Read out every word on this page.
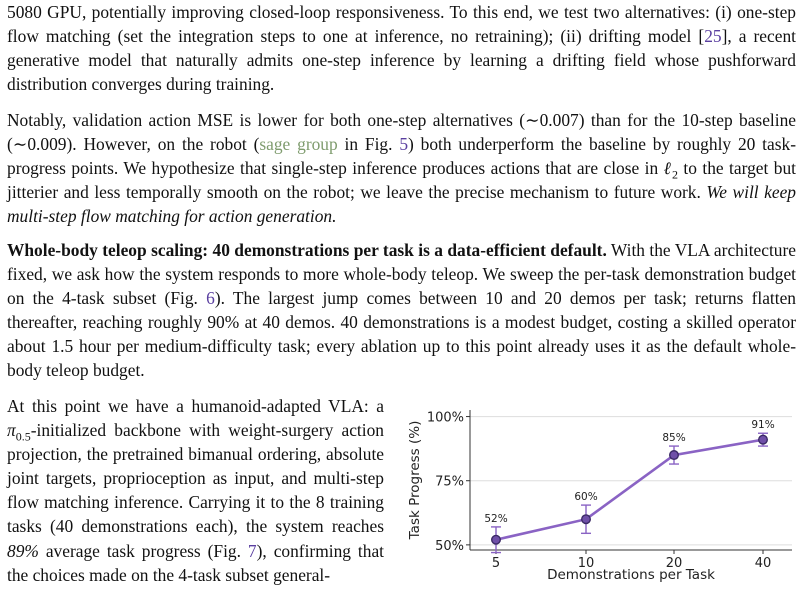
5080 GPU, potentially improving closed-loop responsiveness. To this end, we test two alternatives: (i) one-step flow matching (set the integration steps to one at inference, no retraining); (ii) drifting model [25], a recent generative model that naturally admits one-step inference by learning a drifting field whose pushforward distribution converges during training.

Notably, validation action MSE is lower for both one-step alternatives (∼0.007) than for the 10-step baseline (∼0.009). However, on the robot (sage group in Fig. 5) both underperform the baseline by roughly 20 task-progress points. We hypothesize that single-step inference produces actions that are close in ℓ$_2$ to the target but jitterier and less temporally smooth on the robot; we leave the precise mechanism to future work. We will keep multi-step flow matching for action generation.

Whole-body teleop scaling: 40 demonstrations per task is a data-efficient default. With the VLA architecture fixed, we ask how the system responds to more whole-body teleop. We sweep the per-task demonstration budget on the 4-task subset (Fig. 6). The largest jump comes between 10 and 20 demos per task; returns flatten thereafter, reaching roughly 90% at 40 demos. 40 demonstrations is a modest budget, costing a skilled operator about 1.5 hour per medium-difficulty task; every ablation up to this point already uses it as the default whole-body teleop budget.

At this point we have a humanoid-adapted VLA: a $\pi_{0.5}$-initialized backbone with weight-surgery action projection, the pretrained bimanual ordering, absolute joint targets, proprioception as input, and multi-step flow matching inference. Carrying it to the 8 training tasks (40 demonstrations each), the system reaches 89% average task progress (Fig. 7), confirming that the choices made on the 4-task subset general-

50%
75%
100%
5	10	20	40
52%
60%
85%
91%
Task Progress (%)
Demonstrations per Task
